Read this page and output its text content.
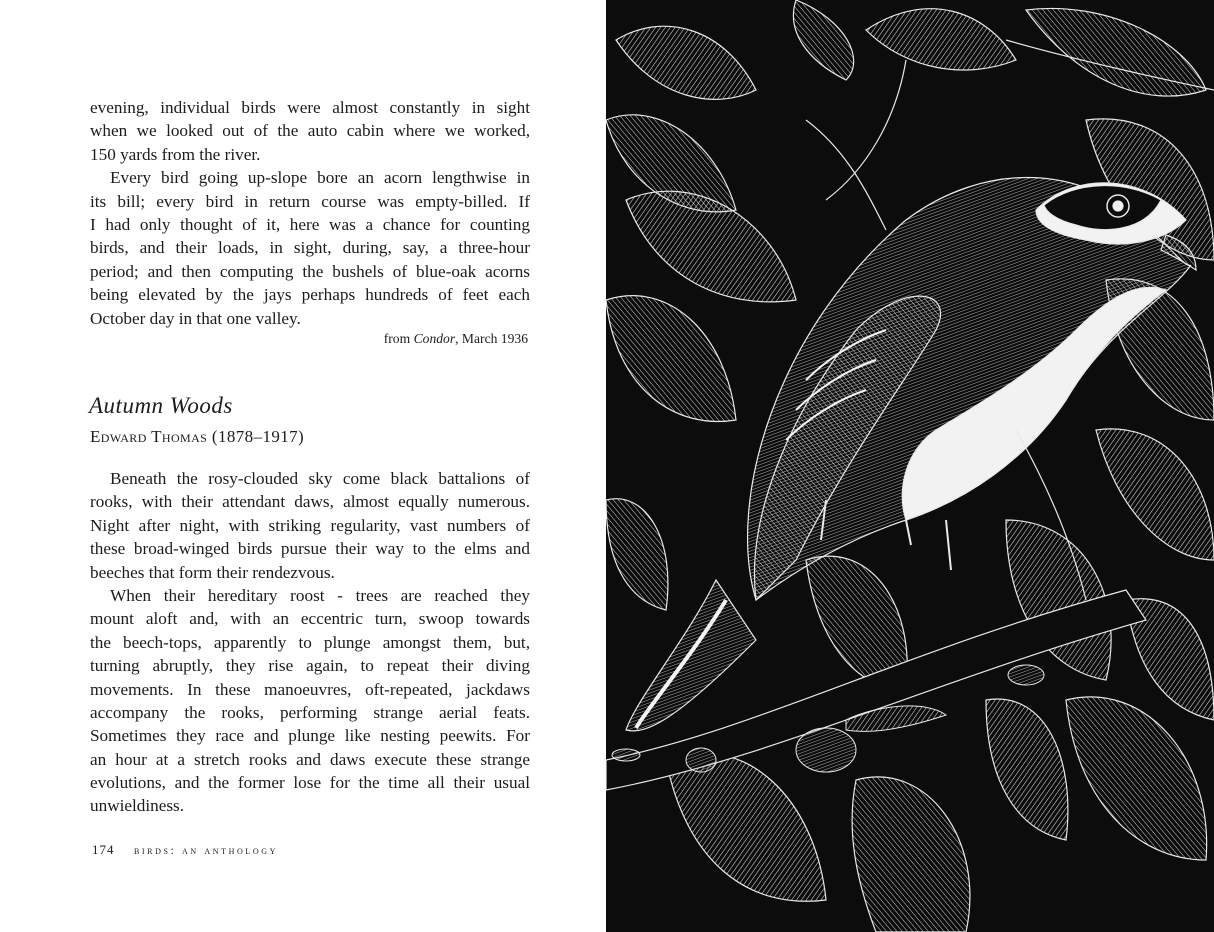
evening, individual birds were almost constantly in sight
when we looked out of the auto cabin where we worked,
150 yards from the river.
Every bird going up-slope bore an acorn lengthwise in
its bill; every bird in return course was empty-billed. If
I had only thought of it, here was a chance for counting
birds, and their loads, in sight, during, say, a three-hour
period; and then computing the bushels of blue-oak acorns
being elevated by the jays perhaps hundreds of feet each
October day in that one valley.
from Condor, March 1936
Autumn Woods
Edward Thomas (1878–1917)
Beneath the rosy-clouded sky come black battalions of
rooks, with their attendant daws, almost equally numerous.
Night after night, with striking regularity, vast numbers of
these broad-winged birds pursue their way to the elms and
beeches that form their rendezvous.
When their hereditary roost - trees are reached they
mount aloft and, with an eccentric turn, swoop towards
the beech-tops, apparently to plunge amongst them, but,
turning abruptly, they rise again, to repeat their diving
movements. In these manoeuvres, oft-repeated, jackdaws
accompany the rooks, performing strange aerial feats.
Sometimes they race and plunge like nesting peewits. For
an hour at a stretch rooks and daws execute these strange
evolutions, and the former lose for the time all their usual
unwieldiness.
174 birds: an anthology
